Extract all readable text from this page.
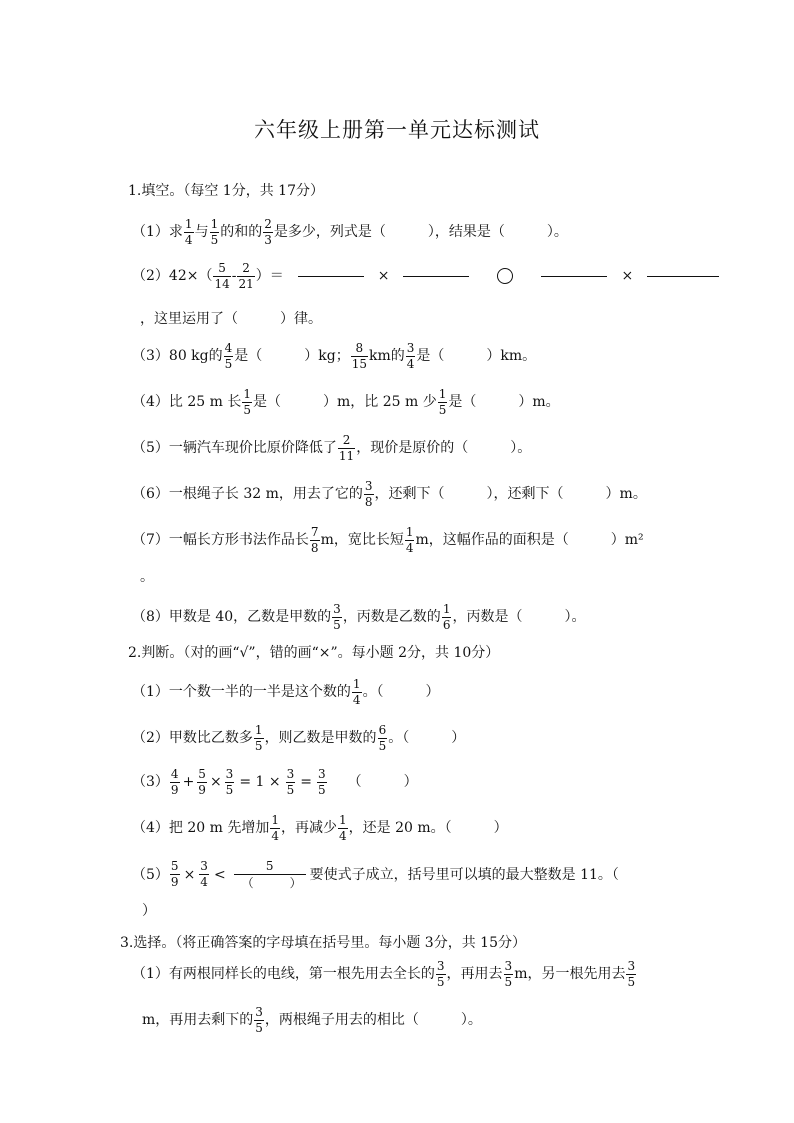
六年级上册第一单元达标测试
1.填空。（每空 1分，共 17分）
（1）求 $\frac{1}{4}$ 与 $\frac{1}{5}$ 的和的 $\frac{2}{3}$ 是多少，列式是（　　　），结果是（　　　）。
$(2)42\times( \frac{5}{14} - \frac{2}{21}$ ）＝	×	×
，这里运用了（　　　）律。
（3）80 kg的 $\frac{4}{5}$ 是（　　　）kg； $\frac{8}{15}$ km的 $\frac{3}{4}$ 是（　　　）km。
（4）比 25 m 长 $\frac{1}{5}$ 是（　　　）m，比 25 m 少 $\frac{1}{5}$ 是（　　　）m。
（5）一辆汽车现价比原价降低了 $\frac{2}{11}$ ，现价是原价的（　　　）。
（6）一根绳子长 32 m，用去了它的 $\frac{3}{8}$ ，还剩下（　　　），还剩下（　　　）m。
（7）一幅长方形书法作品长 $\frac{7}{8}$ m，宽比长短 $\frac{1}{4}$ m，这幅作品的面积是（　　　）m²
。
（8）甲数是 40，乙数是甲数的 $\frac{3}{5}$ ，丙数是乙数的 $\frac{1}{6}$ ，丙数是（　　　）。
2.判断。（对的画“√”，错的画“×”。每小题 2分，共 10分）
（1）一个数一半的一半是这个数的 $\frac{1}{4}$ 。（　　　）
（2）甲数比乙数多 $\frac{1}{5}$ ，则乙数是甲数的 $\frac{6}{5}$ 。（　　　）
$(3) \frac{4}{9} + \frac{5}{9} \times \frac{3}{5} = 1 \times \frac{3}{5} = \frac{3}{5}$ （　　　）
（4）把 20 m 先增加 $\frac{1}{4}$ ，再减少 $\frac{1}{4}$ ，还是 20 m。（　　　）
$(5) \frac{5}{9} \times \frac{3}{4} < \frac{5}{( )}$ 要使式子成立，括号里可以填的最大整数是 11。（
）
3.选择。（将正确答案的字母填在括号里。每小题 3分，共 15分）
（1）有两根同样长的电线，第一根先用去全长的 $\frac{3}{5}$ ，再用去 $\frac{3}{5}$ m，另一根先用去 $\frac{3}{5}$
m，再用去剩下的 $\frac{3}{5}$ ，两根绳子用去的相比（　　　）。
